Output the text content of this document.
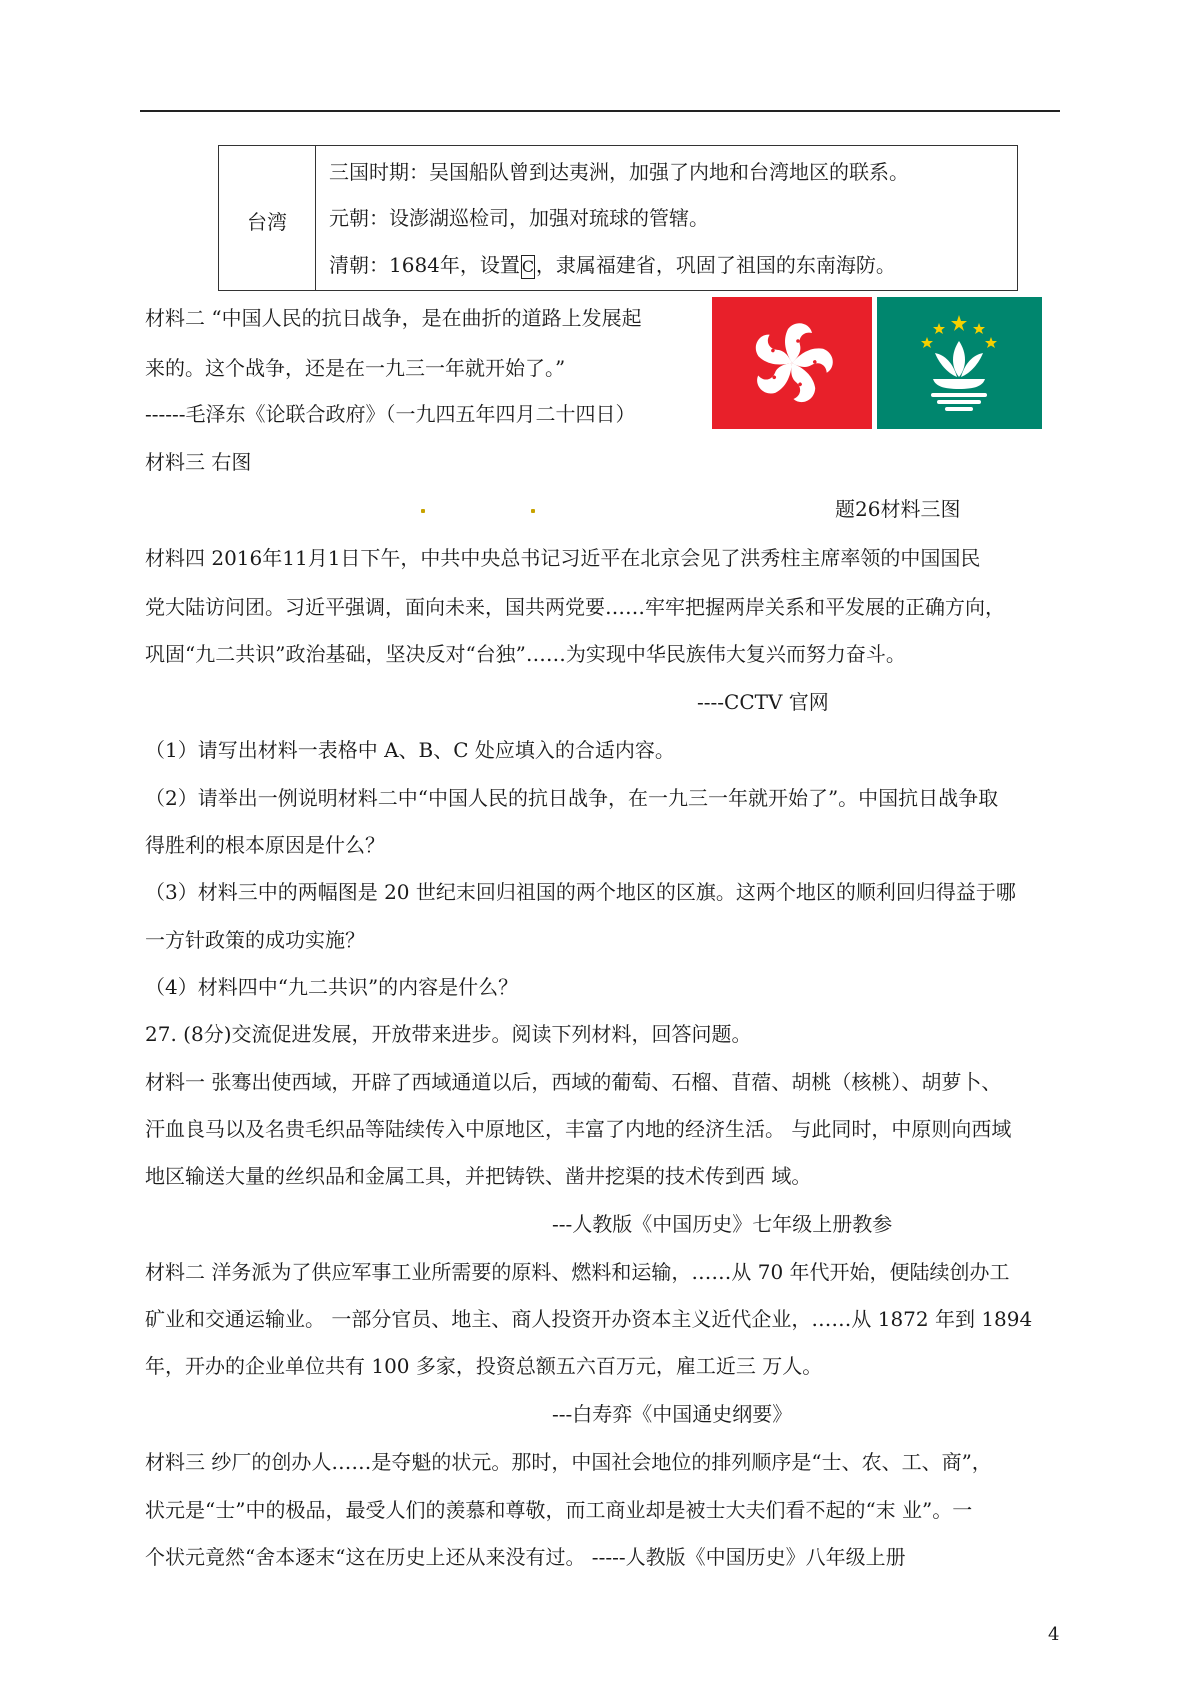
台湾
三国时期：吴国船队曾到达夷洲，加强了内地和台湾地区的联系。
元朝：设澎湖巡检司，加强对琉球的管辖。
清朝：1684年，设置 C，隶属福建省，巩固了祖国的东南海防。
材料二 “中国人民的抗日战争，是在曲折的道路上发展起
来的。这个战争，还是在一九三一年就开始了。”
------毛泽东《论联合政府》（一九四五年四月二十四日）
材料三 右图
题26材料三图
材料四 2016年11月1日下午，中共中央总书记习近平在北京会见了洪秀柱主席率领的中国国民
党大陆访问团。习近平强调，面向未来，国共两党要……牢牢把握两岸关系和平发展的正确方向，
巩固“九二共识”政治基础，坚决反对“台独”……为实现中华民族伟大复兴而努力奋斗。
----CCTV 官网
（1）请写出材料一表格中 A、B、C 处应填入的合适内容。
（2）请举出一例说明材料二中“中国人民的抗日战争，在一九三一年就开始了”。中国抗日战争取
得胜利的根本原因是什么？
（3）材料三中的两幅图是 20 世纪末回归祖国的两个地区的区旗。这两个地区的顺利回归得益于哪
一方针政策的成功实施？
（4）材料四中“九二共识”的内容是什么？
27. (8分)交流促进发展，开放带来进步。阅读下列材料，回答问题。
材料一 张骞出使西域，开辟了西域通道以后，西域的葡萄、石榴、苜蓿、胡桃（核桃）、胡萝卜、
汗血良马以及名贵毛织品等陆续传入中原地区，丰富了内地的经济生活。 与此同时，中原则向西域
地区输送大量的丝织品和金属工具，并把铸铁、凿井挖渠的技术传到西 域。
---人教版《中国历史》七年级上册教参
材料二 洋务派为了供应军事工业所需要的原料、燃料和运输，……从 70 年代开始，便陆续创办工
矿业和交通运输业。 一部分官员、地主、商人投资开办资本主义近代企业，……从 1872 年到 1894
年，开办的企业单位共有 100 多家，投资总额五六百万元，雇工近三 万人。
---白寿弈《中国通史纲要》
材料三 纱厂的创办人……是夺魁的状元。那时，中国社会地位的排列顺序是“士、农、工、商”，
状元是“士”中的极品，最受人们的羡慕和尊敬，而工商业却是被士大夫们看不起的“末 业”。一
个状元竟然“舍本逐末“这在历史上还从来没有过。 -----人教版《中国历史》八年级上册
4
